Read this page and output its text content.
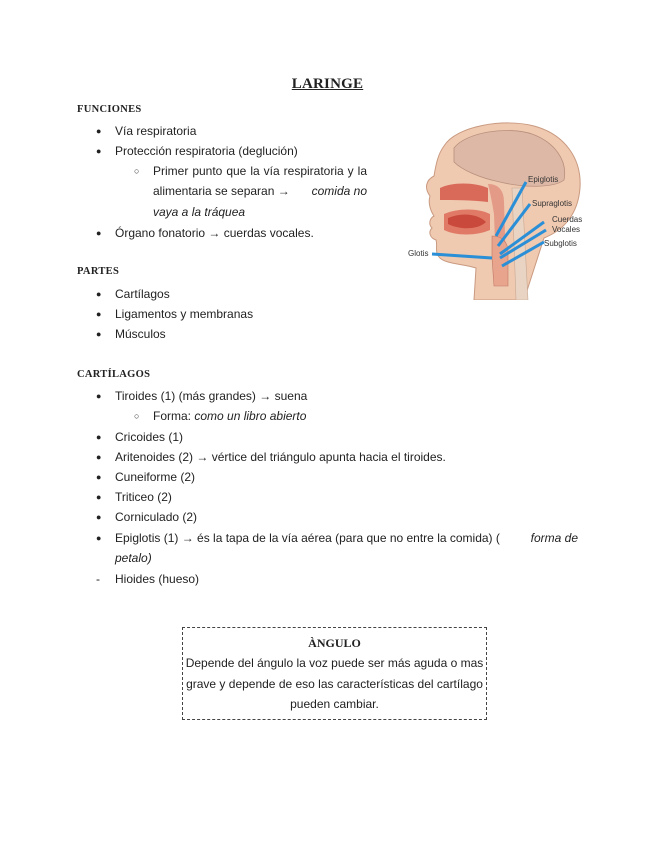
LARINGE
FUNCIONES
● Vía respiratoria
● Protección respiratoria (deglución)
○ Primer punto que la vía respiratoria y la
alimentaria se separan → comida no
vaya a la tráquea
● Órgano fonatorio → cuerdas vocales.
Epiglotis
Supraglotis
Cuerdas
Vocales
Subglotis
Glotis
PARTES
● Cartílagos
● Ligamentos y membranas
● Músculos
CARTÍLAGOS
● Tiroides (1) (más grandes) → suena
○ Forma: como un libro abierto
● Cricoides (1)
● Aritenoides (2) → vértice del triángulo apunta hacia el tiroides.
● Cuneiforme (2)
● Triticeo (2)
● Corniculado (2)
● Epiglotis (1) → és la tapa de la vía aérea (para que no entre la comida) (	forma de
petalo)
- Hioides (hueso)
ÀNGULO
Depende del ángulo la voz puede ser más aguda o mas
grave y depende de eso las características del cartílago
pueden cambiar.
